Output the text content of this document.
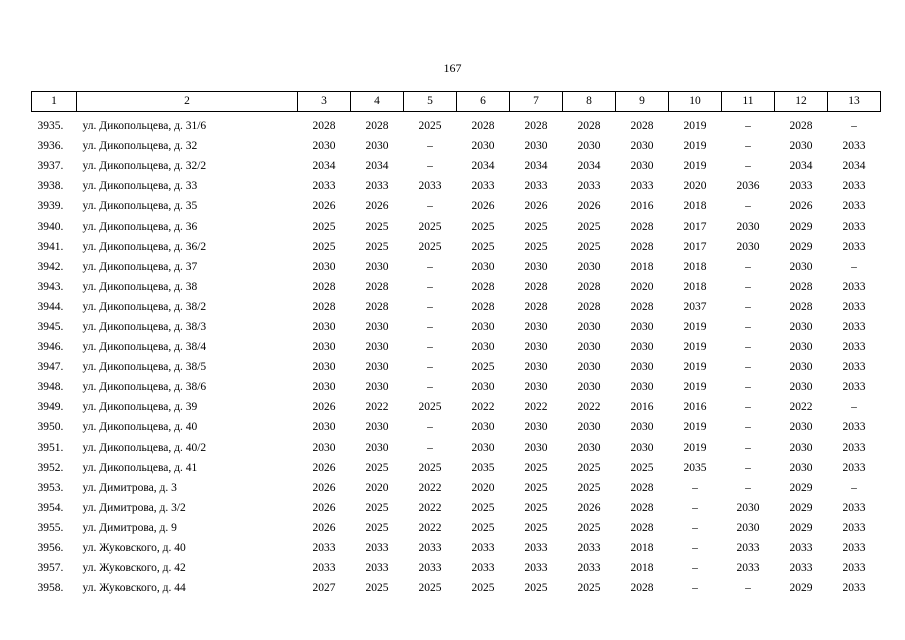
167
1	2	3	4	5	6	7	8	9	10	11	12	13
3935.	ул. Дикопольцева, д. 31/6	2028	2028	2025	2028	2028	2028	2028	2019	–	2028	–
3936.	ул. Дикопольцева, д. 32	2030	2030	–	2030	2030	2030	2030	2019	–	2030	2033
3937.	ул. Дикопольцева, д. 32/2	2034	2034	–	2034	2034	2034	2030	2019	–	2034	2034
3938.	ул. Дикопольцева, д. 33	2033	2033	2033	2033	2033	2033	2033	2020	2036	2033	2033
3939.	ул. Дикопольцева, д. 35	2026	2026	–	2026	2026	2026	2016	2018	–	2026	2033
3940.	ул. Дикопольцева, д. 36	2025	2025	2025	2025	2025	2025	2028	2017	2030	2029	2033
3941.	ул. Дикопольцева, д. 36/2	2025	2025	2025	2025	2025	2025	2028	2017	2030	2029	2033
3942.	ул. Дикопольцева, д. 37	2030	2030	–	2030	2030	2030	2018	2018	–	2030	–
3943.	ул. Дикопольцева, д. 38	2028	2028	–	2028	2028	2028	2020	2018	–	2028	2033
3944.	ул. Дикопольцева, д. 38/2	2028	2028	–	2028	2028	2028	2028	2037	–	2028	2033
3945.	ул. Дикопольцева, д. 38/3	2030	2030	–	2030	2030	2030	2030	2019	–	2030	2033
3946.	ул. Дикопольцева, д. 38/4	2030	2030	–	2030	2030	2030	2030	2019	–	2030	2033
3947.	ул. Дикопольцева, д. 38/5	2030	2030	–	2025	2030	2030	2030	2019	–	2030	2033
3948.	ул. Дикопольцева, д. 38/6	2030	2030	–	2030	2030	2030	2030	2019	–	2030	2033
3949.	ул. Дикопольцева, д. 39	2026	2022	2025	2022	2022	2022	2016	2016	–	2022	–
3950.	ул. Дикопольцева, д. 40	2030	2030	–	2030	2030	2030	2030	2019	–	2030	2033
3951.	ул. Дикопольцева, д. 40/2	2030	2030	–	2030	2030	2030	2030	2019	–	2030	2033
3952.	ул. Дикопольцева, д. 41	2026	2025	2025	2035	2025	2025	2025	2035	–	2030	2033
3953.	ул. Димитрова, д. 3	2026	2020	2022	2020	2025	2025	2028	–	–	2029	–
3954.	ул. Димитрова, д. 3/2	2026	2025	2022	2025	2025	2026	2028	–	2030	2029	2033
3955.	ул. Димитрова, д. 9	2026	2025	2022	2025	2025	2025	2028	–	2030	2029	2033
3956.	ул. Жуковского, д. 40	2033	2033	2033	2033	2033	2033	2018	–	2033	2033	2033
3957.	ул. Жуковского, д. 42	2033	2033	2033	2033	2033	2033	2018	–	2033	2033	2033
3958.	ул. Жуковского, д. 44	2027	2025	2025	2025	2025	2025	2028	–	–	2029	2033
